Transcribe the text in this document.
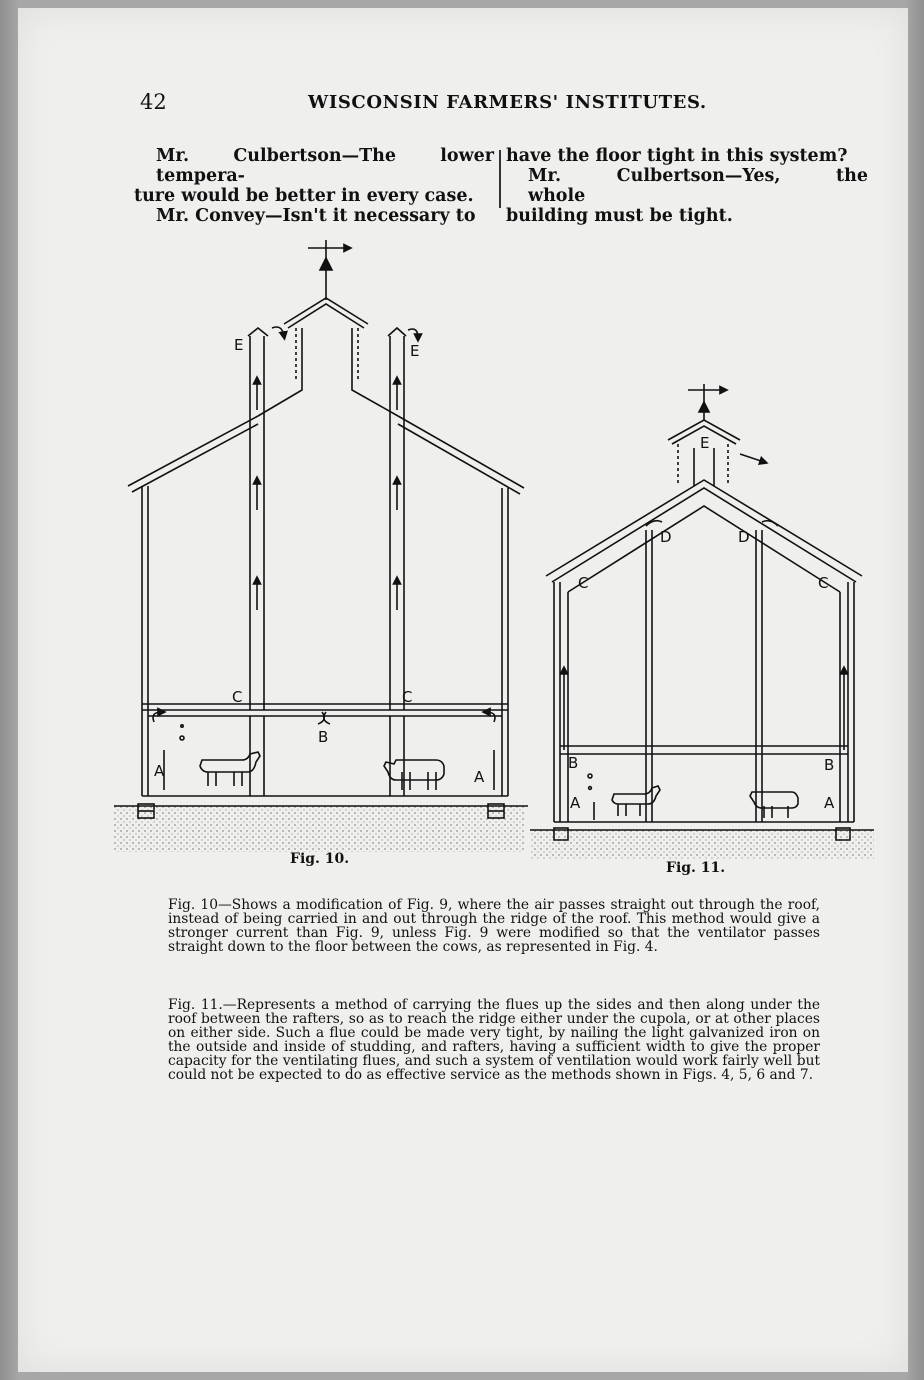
42	WISCONSIN FARMERS' INSTITUTES.
Mr. Culbertson—The lower tempera-
ture would be better in every case.
Mr. Convey—Isn't it necessary to
have the floor tight in this system?
Mr. Culbertson—Yes, the whole
building must be tight.
E	E
C	C
B
A	A
E
D	D
C	C
B	B
A	A
Fig. 10.
Fig. 11.
Fig. 10—Shows a modification of Fig. 9, where the air passes straight out through the roof, instead of being carried in and out through the ridge of the roof. This method would give a stronger current than Fig. 9, unless Fig. 9 were modified so that the ventilator passes straight down to the floor between the cows, as represented in Fig. 4.
Fig. 11.—Represents a method of carrying the flues up the sides and then along under the roof between the rafters, so as to reach the ridge either under the cupola, or at other places on either side. Such a flue could be made very tight, by nailing the light galvanized iron on the outside and inside of studding, and rafters, having a sufficient width to give the proper capacity for the ventilating flues, and such a system of ventilation would work fairly well but could not be expected to do as effective service as the methods shown in Figs. 4, 5, 6 and 7.
